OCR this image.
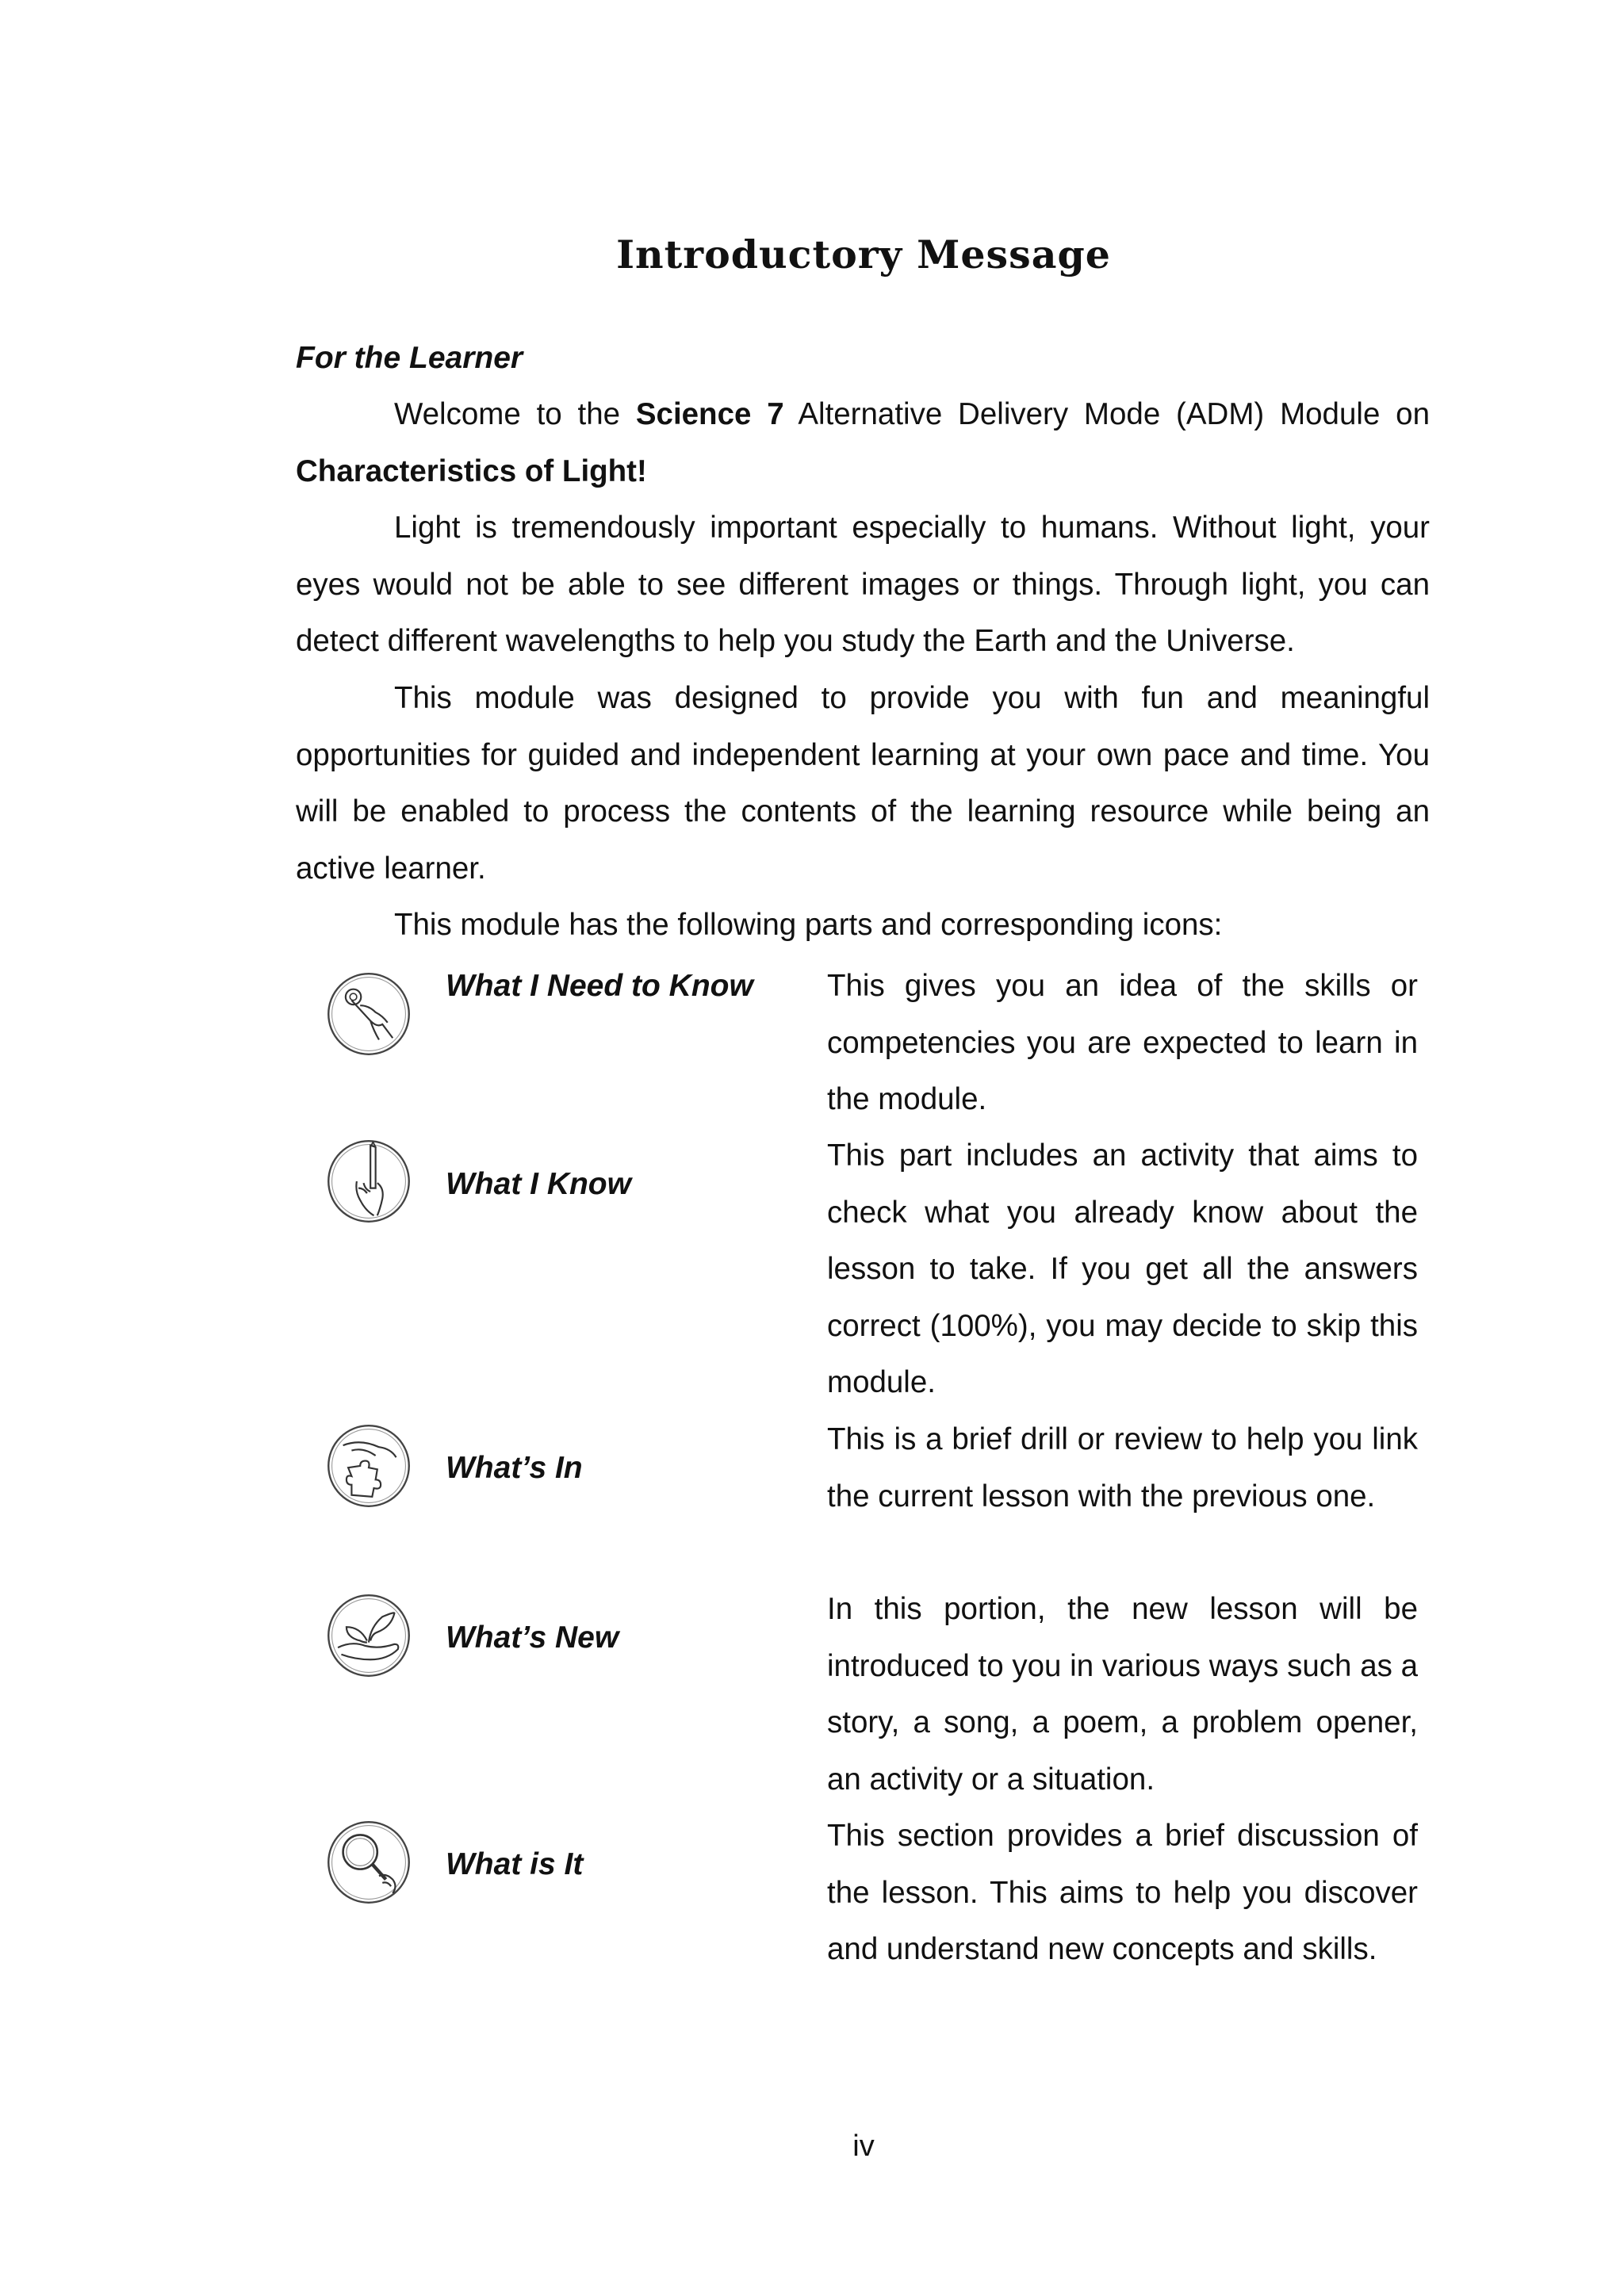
Introductory Message
For the Learner

Welcome to the Science 7 Alternative Delivery Mode (ADM) Module on Characteristics of Light!

Light is tremendously important especially to humans. Without light, your eyes would not be able to see different images or things. Through light, you can detect different wavelengths to help you study the Earth and the Universe.

This module was designed to provide you with fun and meaningful opportunities for guided and independent learning at your own pace and time. You will be enabled to process the contents of the learning resource while being an active learner.

This module has the following parts and corresponding icons:

What I Need to Know	This gives you an idea of the skills or competencies you are expected to learn in the module.

What I Know

This part includes an activity that aims to check what you already know about the lesson to take. If you get all the answers correct (100%), you may decide to skip this module.

What’s In

This is a brief drill or review to help you link the current lesson with the previous one.

What’s New

In this portion, the new lesson will be introduced to you in various ways such as a story, a song, a poem, a problem opener, an activity or a situation.

What is It

This section provides a brief discussion of the lesson. This aims to help you discover and understand new concepts and skills.

iv
